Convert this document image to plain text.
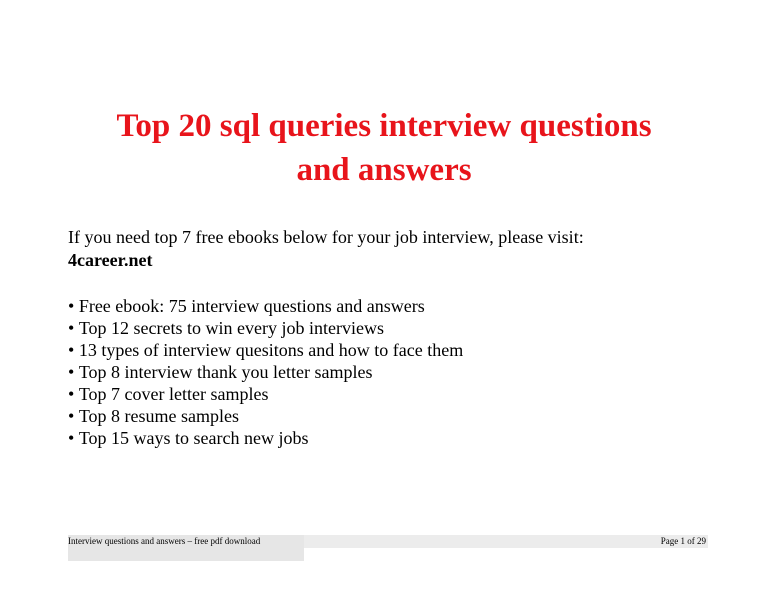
Top 20 sql queries interview questions
and answers
If you need top 7 free ebooks below for your job interview, please visit:
4career.net
• Free ebook: 75 interview questions and answers
• Top 12 secrets to win every job interviews
• 13 types of interview quesitons and how to face them
• Top 8 interview thank you letter samples
• Top 7 cover letter samples
• Top 8 resume samples
• Top 15 ways to search new jobs
Interview questions and answers – free pdf download	Page 1 of 29
